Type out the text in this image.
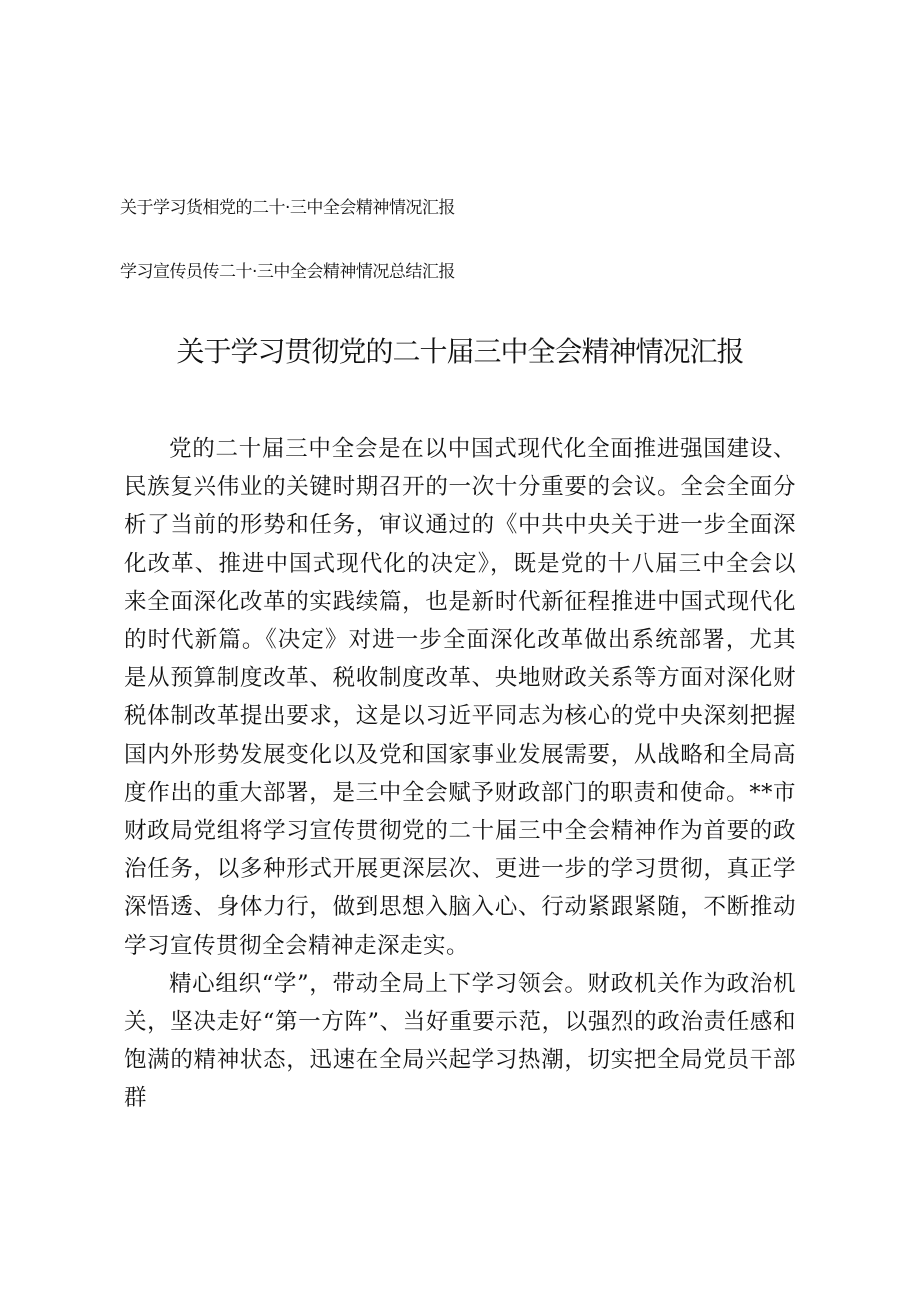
关于学习货相党的二十·三中全会精神情况汇报
学习宣传员传二十·三中全会精神情况总结汇报
关于学习贯彻党的二十届三中全会精神情况汇报

党的二十届三中全会是在以中国式现代化全面推进强国建设、民族复兴伟业的关键时期召开的一次十分重要的会议。全会全面分析了当前的形势和任务，审议通过的《中共中央关于进一步全面深化改革、推进中国式现代化的决定》，既是党的十八届三中全会以来全面深化改革的实践续篇，也是新时代新征程推进中国式现代化的时代新篇。《决定》对进一步全面深化改革做出系统部署，尤其是从预算制度改革、税收制度改革、央地财政关系等方面对深化财税体制改革提出要求，这是以习近平同志为核心的党中央深刻把握国内外形势发展变化以及党和国家事业发展需要，从战略和全局高度作出的重大部署，是三中全会赋予财政部门的职责和使命。**市财政局党组将学习宣传贯彻党的二十届三中全会精神作为首要的政治任务，以多种形式开展更深层次、更进一步的学习贯彻，真正学深悟透、身体力行，做到思想入脑入心、行动紧跟紧随，不断推动学习宣传贯彻全会精神走深走实。

精心组织“学”，带动全局上下学习领会。财政机关作为政治机关，坚决走好“第一方阵”、当好重要示范，以强烈的政治责任感和饱满的精神状态，迅速在全局兴起学习热潮，切实把全局党员干部群
